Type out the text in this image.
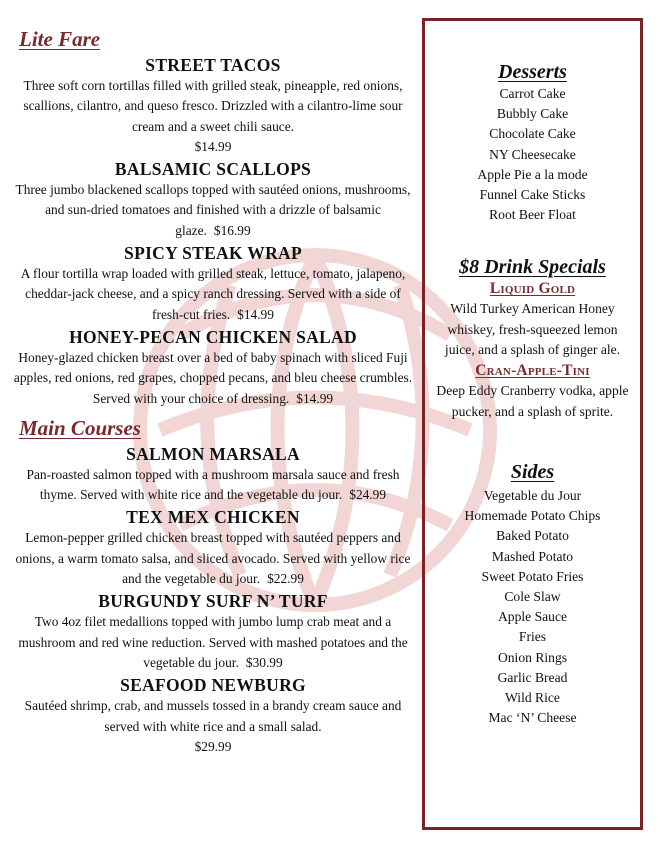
Lite Fare
STREET TACOS
Three soft corn tortillas filled with grilled steak, pineapple, red onions, scallions, cilantro, and queso fresco. Drizzled with a cilantro-lime sour cream and a sweet chili sauce.
$14.99
BALSAMIC SCALLOPS
Three jumbo blackened scallops topped with sautéed onions, mushrooms, and sun-dried tomatoes and finished with a drizzle of balsamic glaze. $16.99
SPICY STEAK WRAP
A flour tortilla wrap loaded with grilled steak, lettuce, tomato, jalapeno, cheddar-jack cheese, and a spicy ranch dressing. Served with a side of fresh-cut fries. $14.99
HONEY-PECAN CHICKEN SALAD
Honey-glazed chicken breast over a bed of baby spinach with sliced Fuji apples, red onions, red grapes, chopped pecans, and bleu cheese crumbles. Served with your choice of dressing. $14.99
Main Courses
SALMON MARSALA
Pan-roasted salmon topped with a mushroom marsala sauce and fresh thyme. Served with white rice and the vegetable du jour. $24.99
TEX MEX CHICKEN
Lemon-pepper grilled chicken breast topped with sautéed peppers and onions, a warm tomato salsa, and sliced avocado. Served with yellow rice and the vegetable du jour. $22.99
BURGUNDY SURF N’ TURF
Two 4oz filet medallions topped with jumbo lump crab meat and a mushroom and red wine reduction. Served with mashed potatoes and the vegetable du jour. $30.99
SEAFOOD NEWBURG
Sautéed shrimp, crab, and mussels tossed in a brandy cream sauce and served with white rice and a small salad.
$29.99
Desserts
Carrot Cake
Bubbly Cake
Chocolate Cake
NY Cheesecake
Apple Pie a la mode
Funnel Cake Sticks
Root Beer Float
$8 Drink Specials
Liquid Gold
Wild Turkey American Honey whiskey, fresh-squeezed lemon juice, and a splash of ginger ale.
Cran-Apple-Tini
Deep Eddy Cranberry vodka, apple pucker, and a splash of sprite.
Sides
Vegetable du Jour
Homemade Potato Chips
Baked Potato
Mashed Potato
Sweet Potato Fries
Cole Slaw
Apple Sauce
Fries
Onion Rings
Garlic Bread
Wild Rice
Mac ‘N’ Cheese
